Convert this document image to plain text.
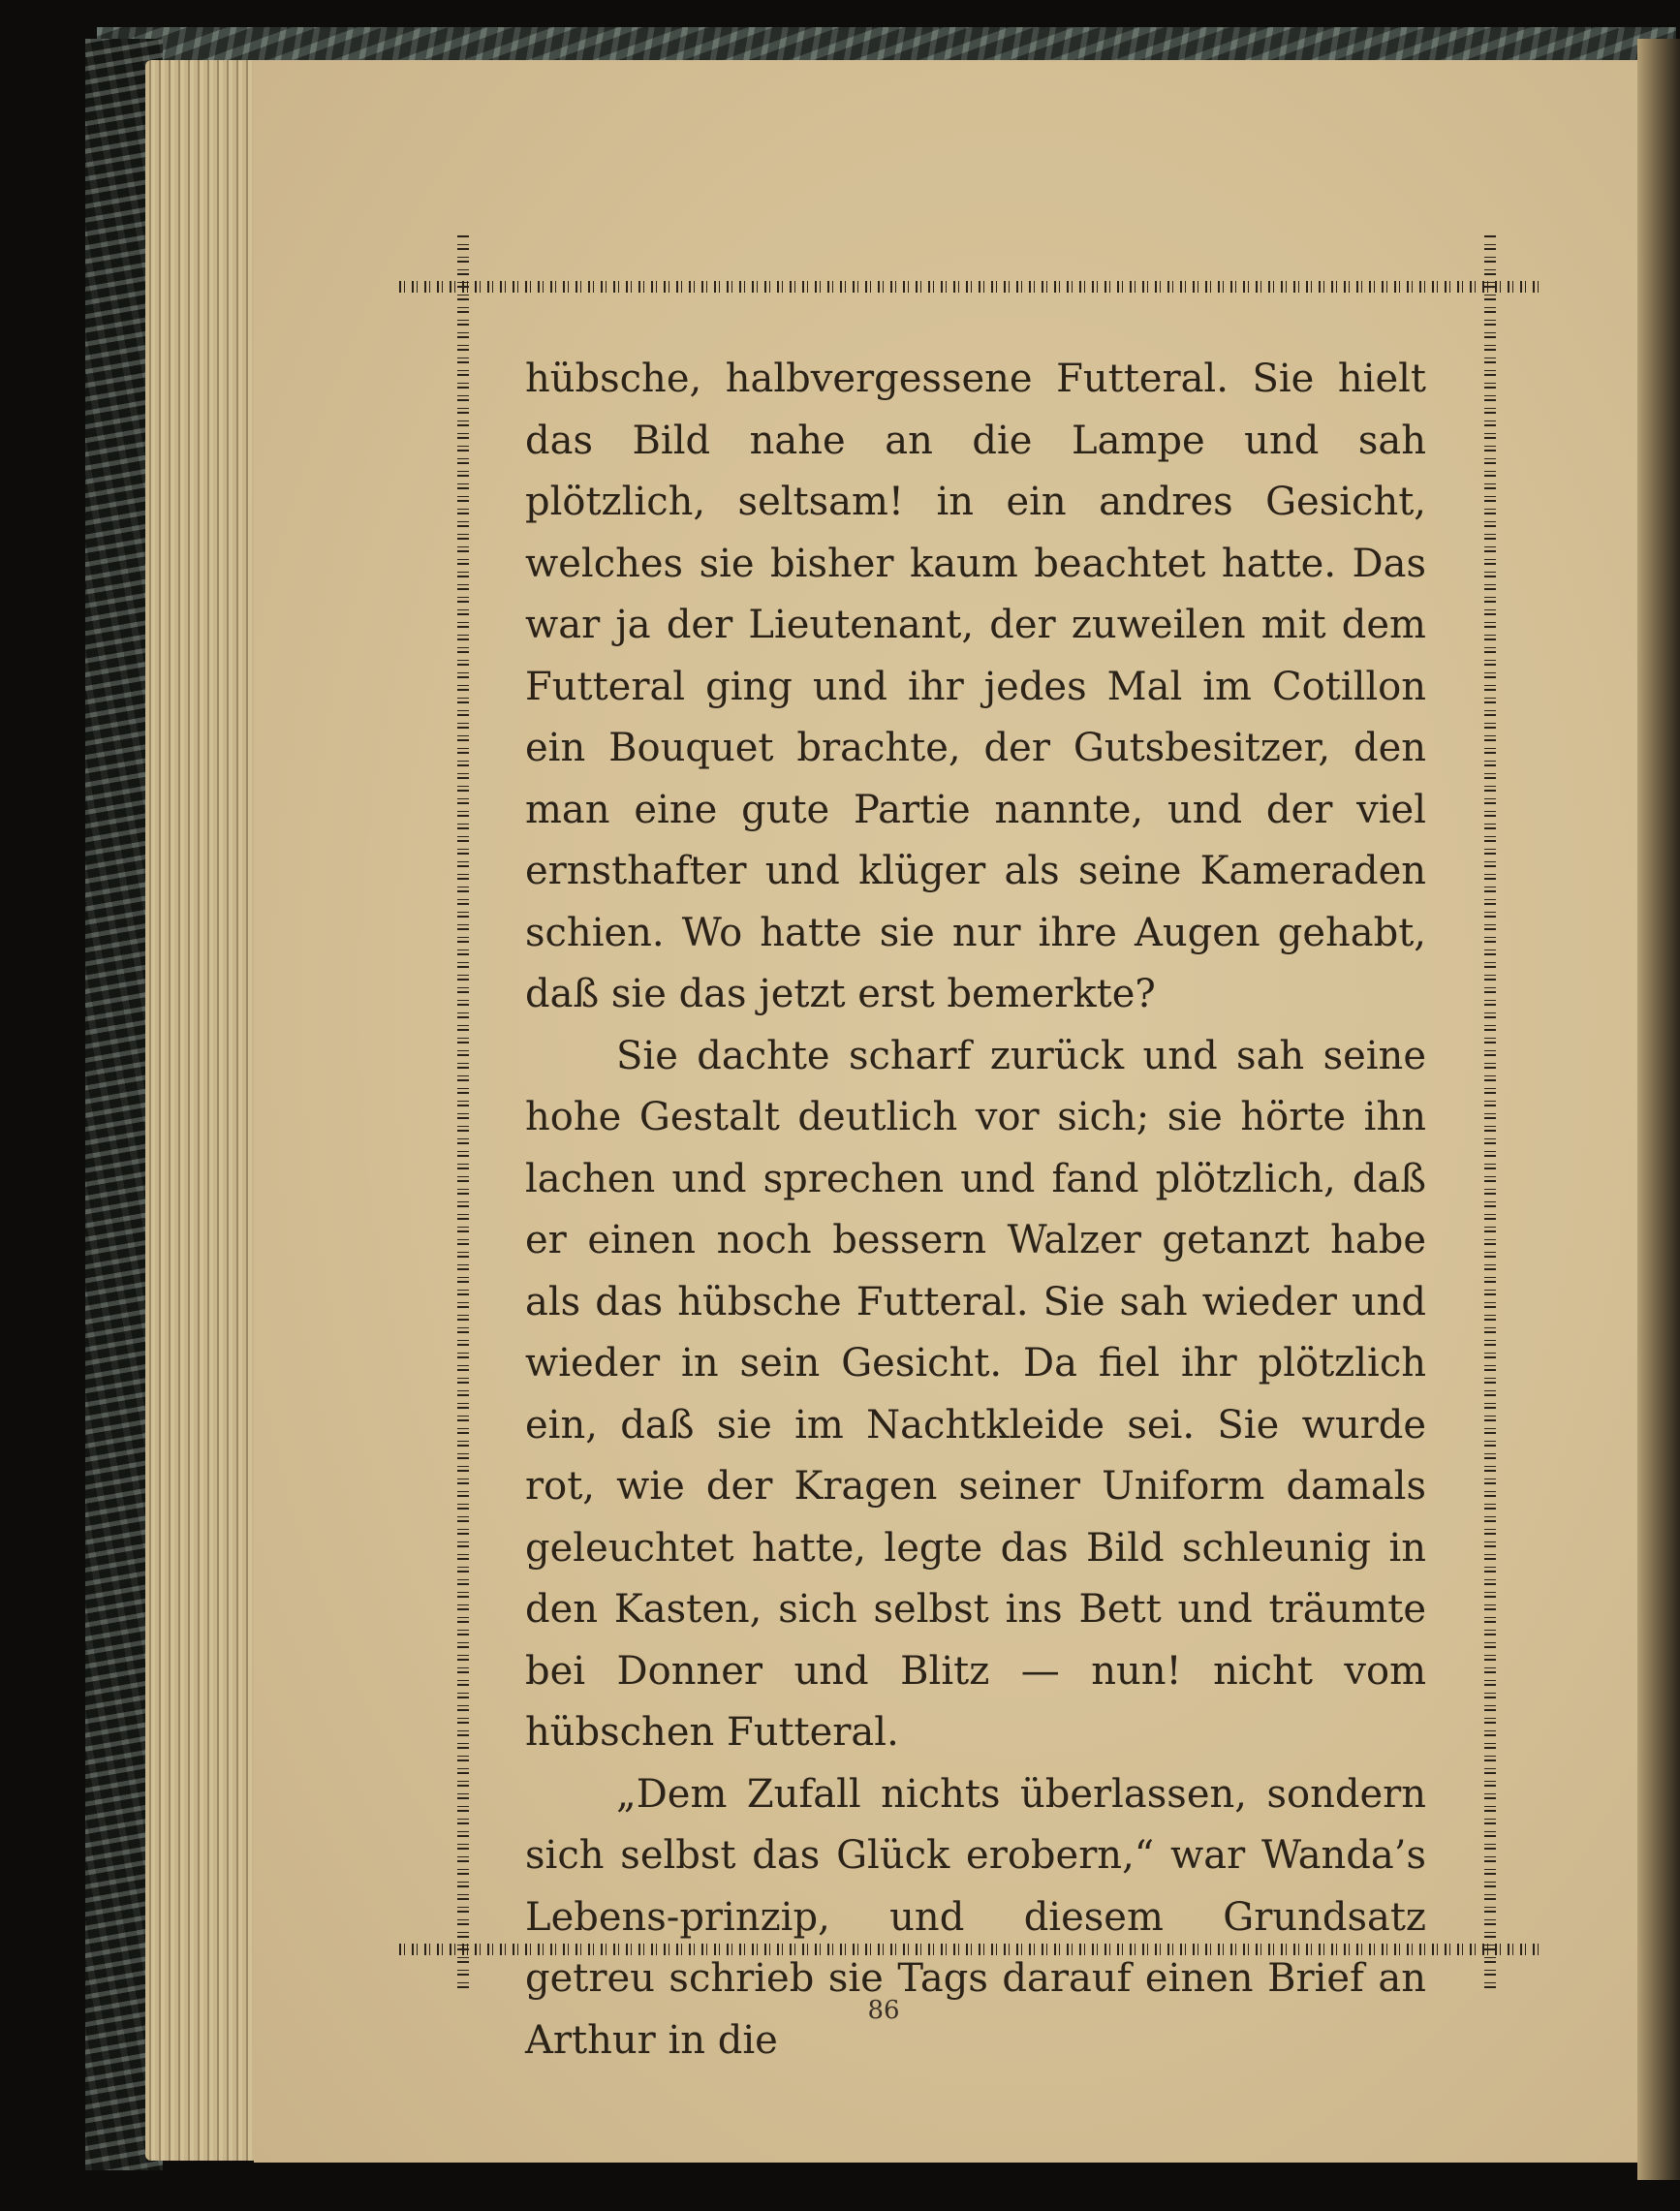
hübsche, halbvergessene Futteral. Sie hielt das Bild nahe an die Lampe und sah plötzlich, seltsam! in ein andres Gesicht, welches sie bisher kaum beachtet hatte. Das war ja der Lieutenant, der zuweilen mit dem Futteral ging und ihr jedes Mal im Cotillon ein Bouquet brachte, der Gutsbesitzer, den man eine gute Partie nannte, und der viel ernsthafter und klüger als seine Kameraden schien. Wo hatte sie nur ihre Augen gehabt, daß sie das jetzt erst bemerkte?

Sie dachte scharf zurück und sah seine hohe Gestalt deutlich vor sich; sie hörte ihn lachen und sprechen und fand plötzlich, daß er einen noch bessern Walzer getanzt habe als das hübsche Futteral. Sie sah wieder und wieder in sein Gesicht. Da fiel ihr plötzlich ein, daß sie im Nachtkleide sei. Sie wurde rot, wie der Kragen seiner Uniform damals geleuchtet hatte, legte das Bild schleunig in den Kasten, sich selbst ins Bett und träumte bei Donner und Blitz — nun! nicht vom hübschen Futteral.

„Dem Zufall nichts überlassen, sondern sich selbst das Glück erobern,“ war Wanda’s Lebens-prinzip, und diesem Grundsatz getreu schrieb sie Tags darauf einen Brief an Arthur in die

86
